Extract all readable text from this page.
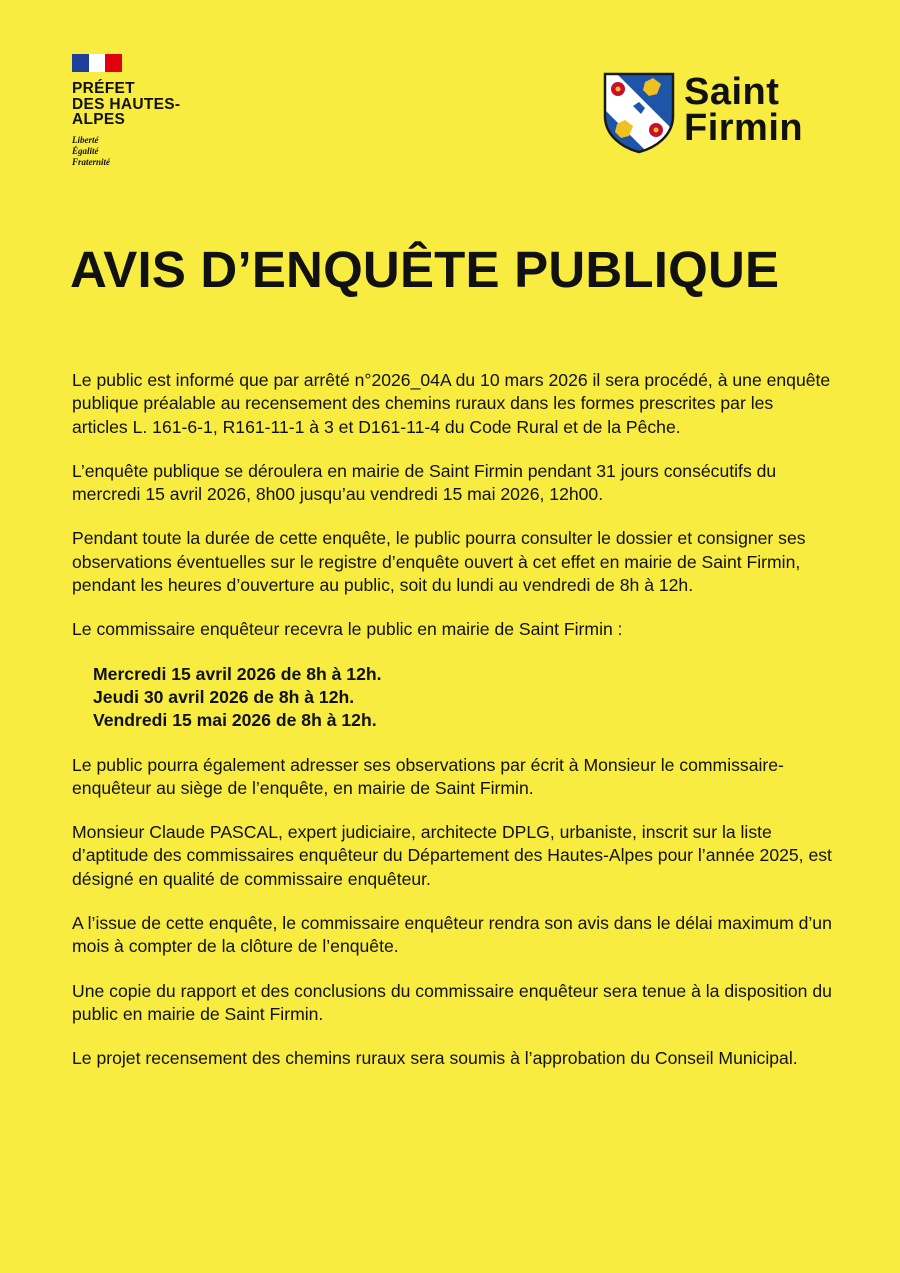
PRÉFET
DES HAUTES-
ALPES
Liberté
Égalité
Fraternité
Saint
Firmin
AVIS D’ENQUÊTE PUBLIQUE

Le public est informé que par arrêté n°2026_04A du 10 mars 2026 il sera procédé, à une enquête publique préalable au recensement des chemins ruraux dans les formes prescrites par les articles L. 161-6-1, R161-11-1 à 3 et D161-11-4 du Code Rural et de la Pêche.

L’enquête publique se déroulera en mairie de Saint Firmin pendant 31 jours consécutifs du mercredi 15 avril 2026, 8h00 jusqu’au vendredi 15 mai 2026, 12h00.

Pendant toute la durée de cette enquête, le public pourra consulter le dossier et consigner ses observations éventuelles sur le registre d’enquête ouvert à cet effet en mairie de Saint Firmin, pendant les heures d’ouverture au public, soit du lundi au vendredi de 8h à 12h.

Le commissaire enquêteur recevra le public en mairie de Saint Firmin :

Mercredi 15 avril 2026 de 8h à 12h.
Jeudi 30 avril 2026 de 8h à 12h.
Vendredi 15 mai 2026 de 8h à 12h.

Le public pourra également adresser ses observations par écrit à Monsieur le commissaire-enquêteur au siège de l’enquête, en mairie de Saint Firmin.

Monsieur Claude PASCAL, expert judiciaire, architecte DPLG, urbaniste, inscrit sur la liste d’aptitude des commissaires enquêteur du Département des Hautes-Alpes pour l’année 2025, est désigné en qualité de commissaire enquêteur.

A l’issue de cette enquête, le commissaire enquêteur rendra son avis dans le délai maximum d’un mois à compter de la clôture de l’enquête.

Une copie du rapport et des conclusions du commissaire enquêteur sera tenue à la disposition du public en mairie de Saint Firmin.

Le projet recensement des chemins ruraux sera soumis à l’approbation du Conseil Municipal.
